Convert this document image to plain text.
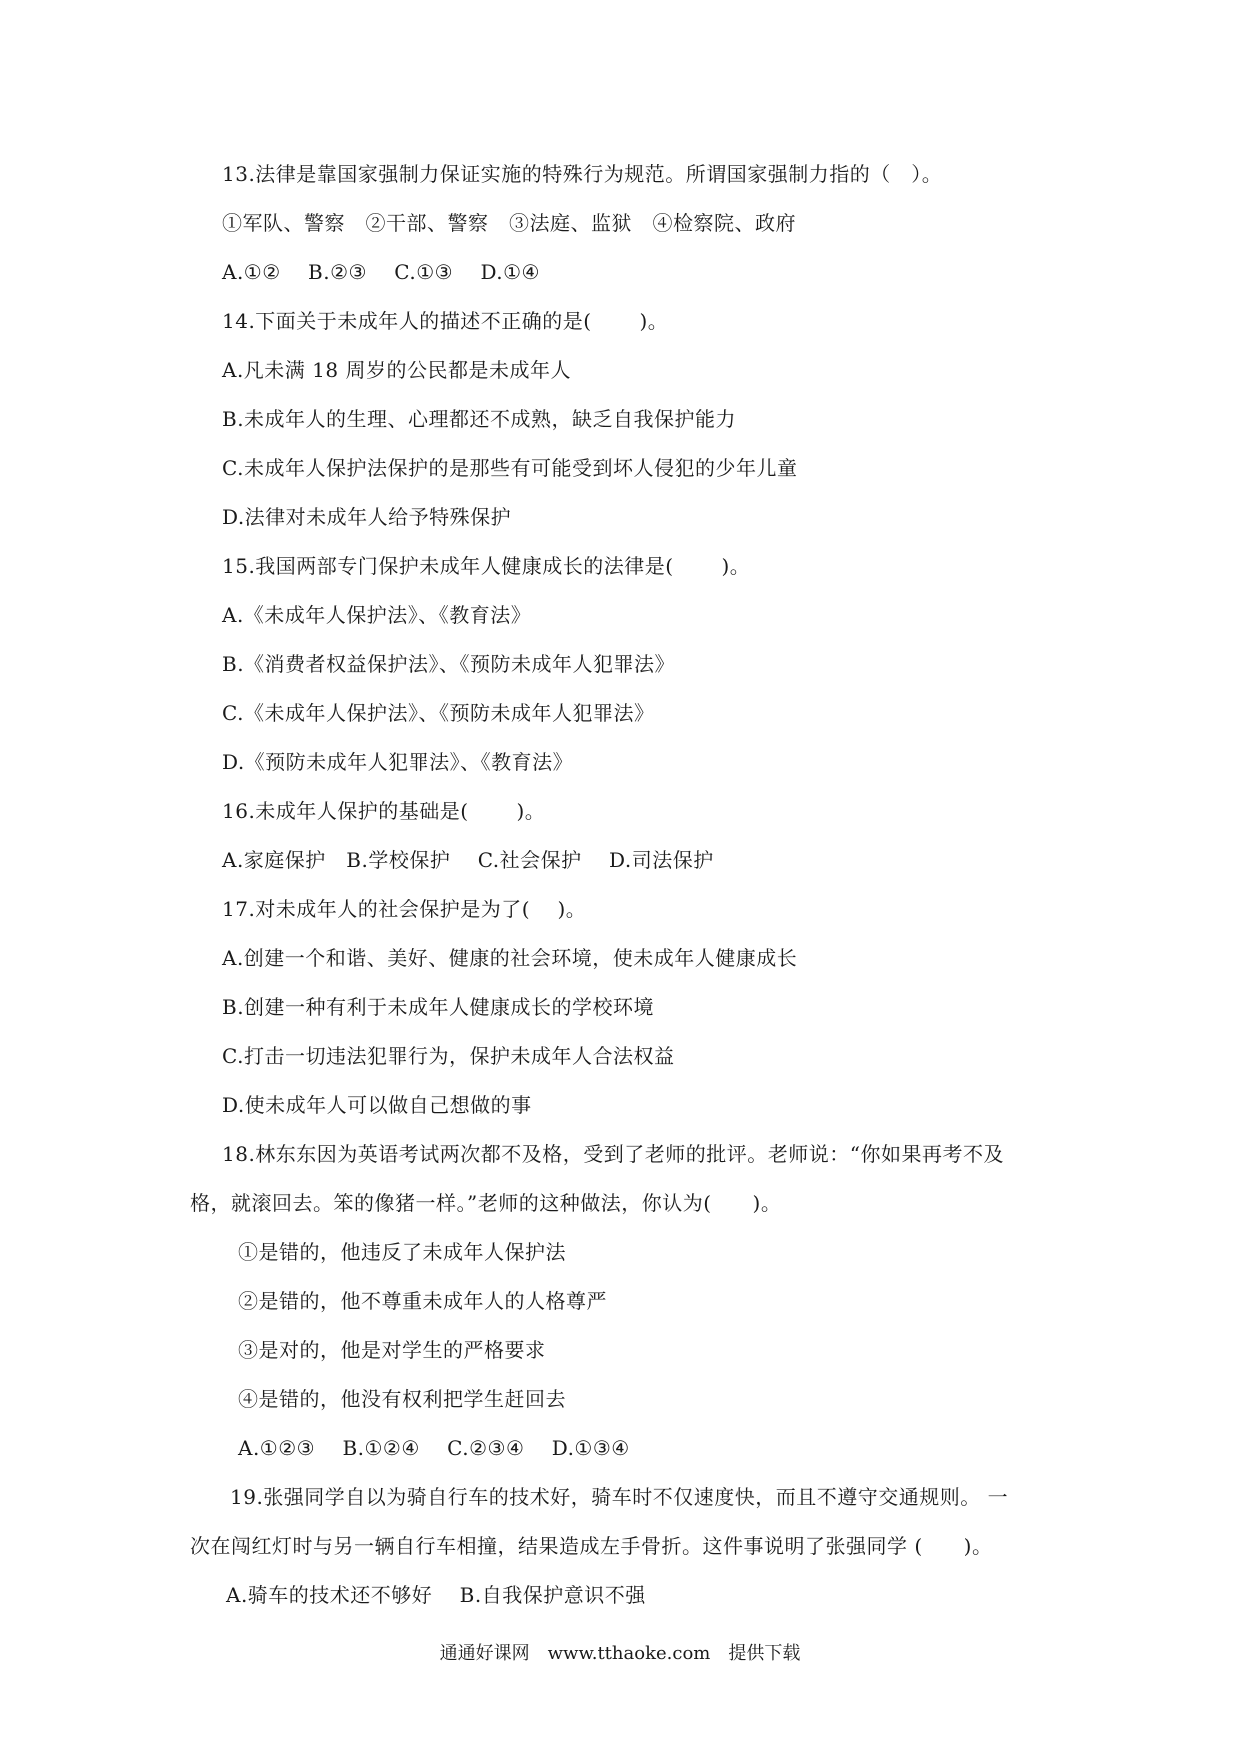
13.法律是靠国家强制力保证实施的特殊行为规范。所谓国家强制力指的（　）。
①军队、警察　②干部、警察　③法庭、监狱　④检察院、政府
A.①②　 B.②③　 C.①③　 D.①④
14.下面关于未成年人的描述不正确的是(　　 )。
A.凡未满 18 周岁的公民都是未成年人
B.未成年人的生理、心理都还不成熟，缺乏自我保护能力
C.未成年人保护法保护的是那些有可能受到坏人侵犯的少年儿童
D.法律对未成年人给予特殊保护
15.我国两部专门保护未成年人健康成长的法律是(　　 )。
A.《未成年人保护法》、《教育法》
B.《消费者权益保护法》、《预防未成年人犯罪法》
C.《未成年人保护法》、《预防未成年人犯罪法》
D.《预防未成年人犯罪法》、《教育法》
16.未成年人保护的基础是(　　 )。
A.家庭保护　B.学校保护　 C.社会保护　 D.司法保护
17.对未成年人的社会保护是为了(　 )。
A.创建一个和谐、美好、健康的社会环境，使未成年人健康成长
B.创建一种有利于未成年人健康成长的学校环境
C.打击一切违法犯罪行为，保护未成年人合法权益
D.使未成年人可以做自己想做的事
18.林东东因为英语考试两次都不及格，受到了老师的批评。老师说：“你如果再考不及
格，就滚回去。笨的像猪一样。”老师的这种做法，你认为(　　)。
①是错的，他违反了未成年人保护法
②是错的，他不尊重未成年人的人格尊严
③是对的，他是对学生的严格要求
④是错的，他没有权利把学生赶回去
A.①②③　 B.①②④　 C.②③④　 D.①③④
19.张强同学自以为骑自行车的技术好，骑车时不仅速度快，而且不遵守交通规则。 一
次在闯红灯时与另一辆自行车相撞，结果造成左手骨折。这件事说明了张强同学 (　　)。
A.骑车的技术还不够好　 B.自我保护意识不强
通通好课网　www.tthaoke.com　提供下载
